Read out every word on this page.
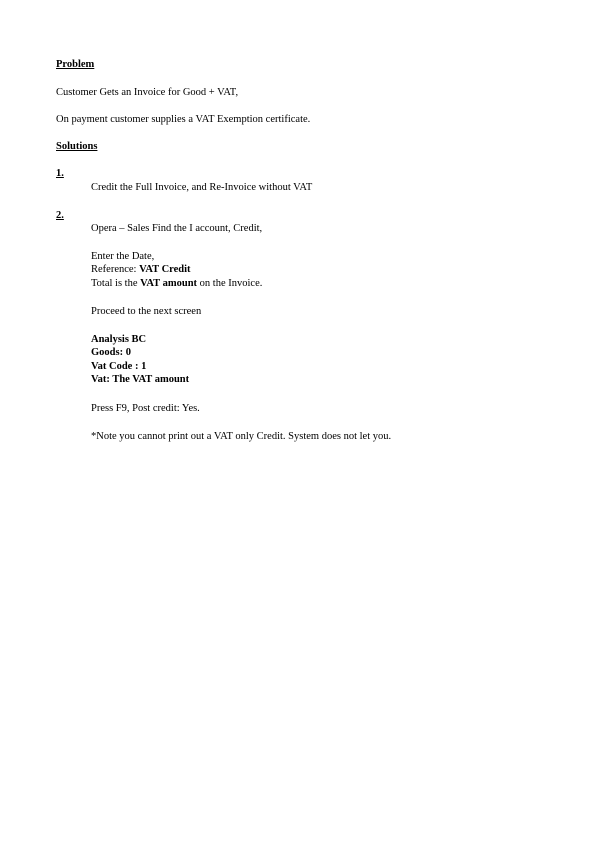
Problem
Customer Gets an Invoice for Good + VAT,
On payment customer supplies a VAT Exemption certificate.
Solutions
1.
Credit the Full Invoice, and Re-Invoice without VAT
2.
Opera – Sales Find the I account, Credit,
Enter the Date,
Reference: VAT Credit
Total is the VAT amount on the Invoice.
Proceed to the next screen
Analysis BC
Goods: 0
Vat Code : 1
Vat: The VAT amount
Press F9, Post credit: Yes.
*Note you cannot print out a VAT only Credit. System does not let you.
